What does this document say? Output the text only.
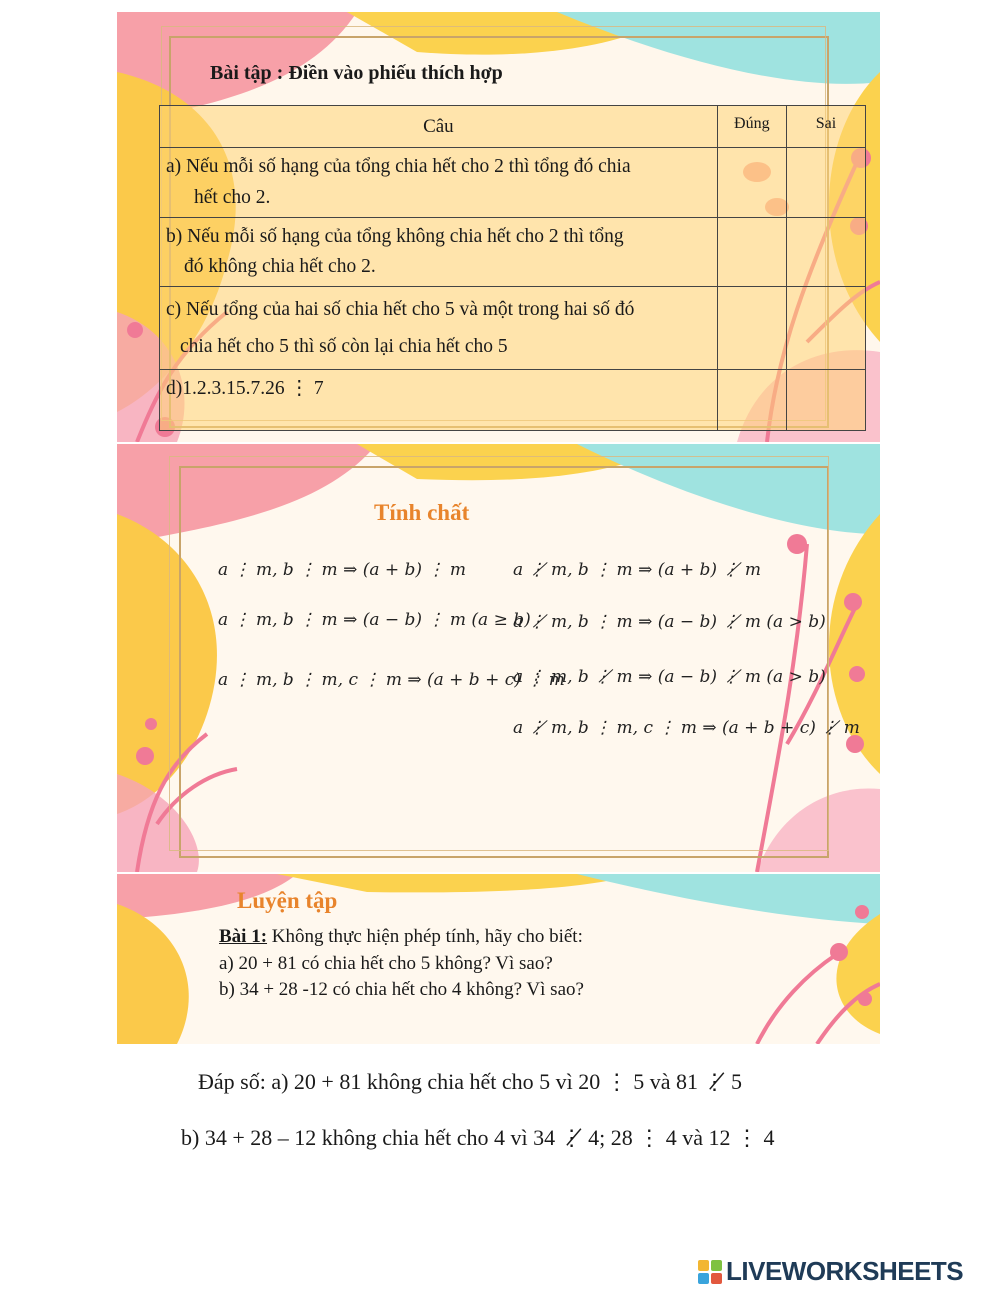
Bài tập : Điền vào phiếu thích hợp
Câu	Đúng	Sai

a) Nếu mỗi số hạng của tổng chia hết cho 2 thì tổng đó chia
hết cho 2.		

b) Nếu mỗi số hạng của tổng không chia hết cho 2 thì tổng
đó không chia hết cho 2.		

c) Nếu tổng của hai số chia hết cho 5 và một trong hai số đó
chia hết cho 5 thì số còn lại chia hết cho 5		

d)1.2.3.15.7.26 ⋮ 7		

Tính chất
a ⋮ m, b ⋮ m ⇒ (a + b) ⋮ m
a ⋮ m, b ⋮ m ⇒ (a − b) ⋮ m (a ≥ b)
a ⋮ m, b ⋮ m, c ⋮ m ⇒ (a + b + c) ⋮ m
a ⋮̸ m, b ⋮ m ⇒ (a + b) ⋮̸ m
a ⋮̸ m, b ⋮ m ⇒ (a − b) ⋮̸ m (a > b)
a ⋮ m, b ⋮̸ m ⇒ (a − b) ⋮̸ m (a > b)
a ⋮̸ m, b ⋮ m, c ⋮ m ⇒ (a + b + c) ⋮̸ m
Luyện tập
Bài 1: Không thực hiện phép tính, hãy cho biết:
a) 20 + 81 có chia hết cho 5 không? Vì sao?
b) 34 + 28 -12 có chia hết cho 4 không? Vì sao?
Đáp số: a) 20 + 81 không chia hết cho 5 vì 20 ⋮ 5 và 81 ⋮̸ 5
b) 34 + 28 – 12 không chia hết cho 4 vì 34 ⋮̸ 4; 28 ⋮ 4 và 12 ⋮ 4
LIVEWORKSHEETS
